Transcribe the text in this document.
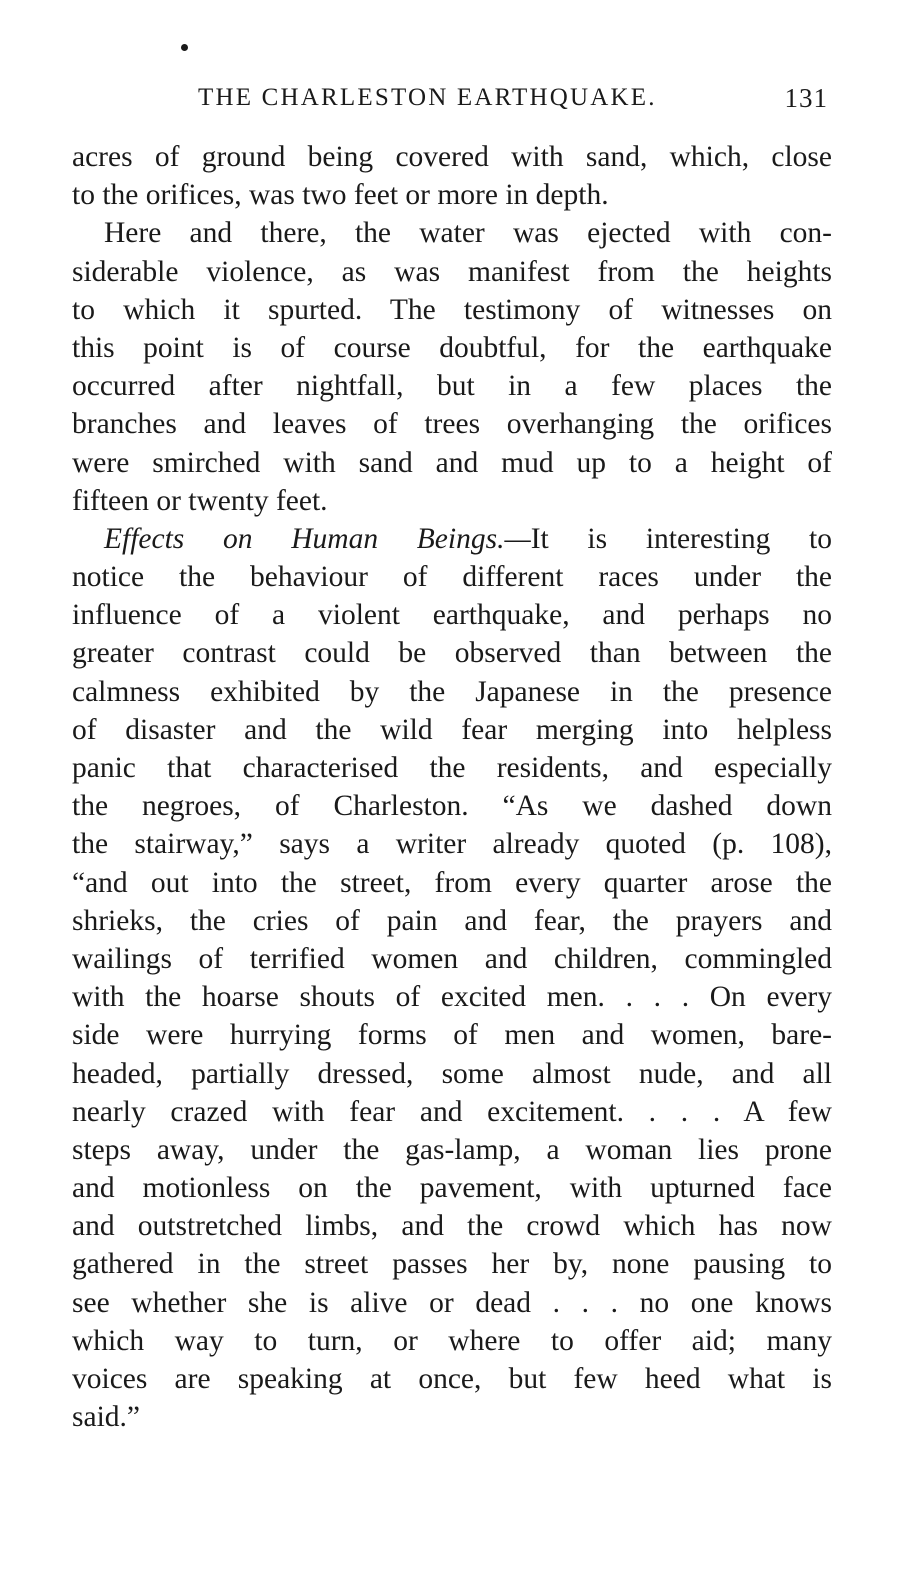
THE CHARLESTON EARTHQUAKE.	131
acres of ground being covered with sand, which, close
to the orifices, was two feet or more in depth.
Here and there, the water was ejected with con-
siderable violence, as was manifest from the heights
to which it spurted. The testimony of witnesses on
this point is of course doubtful, for the earthquake
occurred after nightfall, but in a few places the
branches and leaves of trees overhanging the orifices
were smirched with sand and mud up to a height of
fifteen or twenty feet.
Effects on Human Beings.—It is interesting to
notice the behaviour of different races under the
influence of a violent earthquake, and perhaps no
greater contrast could be observed than between the
calmness exhibited by the Japanese in the presence
of disaster and the wild fear merging into helpless
panic that characterised the residents, and especially
the negroes, of Charleston. “As we dashed down
the stairway,” says a writer already quoted (p. 108),
“and out into the street, from every quarter arose the
shrieks, the cries of pain and fear, the prayers and
wailings of terrified women and children, commingled
with the hoarse shouts of excited men. . . . On every
side were hurrying forms of men and women, bare-
headed, partially dressed, some almost nude, and all
nearly crazed with fear and excitement. . . . A few
steps away, under the gas-lamp, a woman lies prone
and motionless on the pavement, with upturned face
and outstretched limbs, and the crowd which has now
gathered in the street passes her by, none pausing to
see whether she is alive or dead . . . no one knows
which way to turn, or where to offer aid; many
voices are speaking at once, but few heed what is
said.”
